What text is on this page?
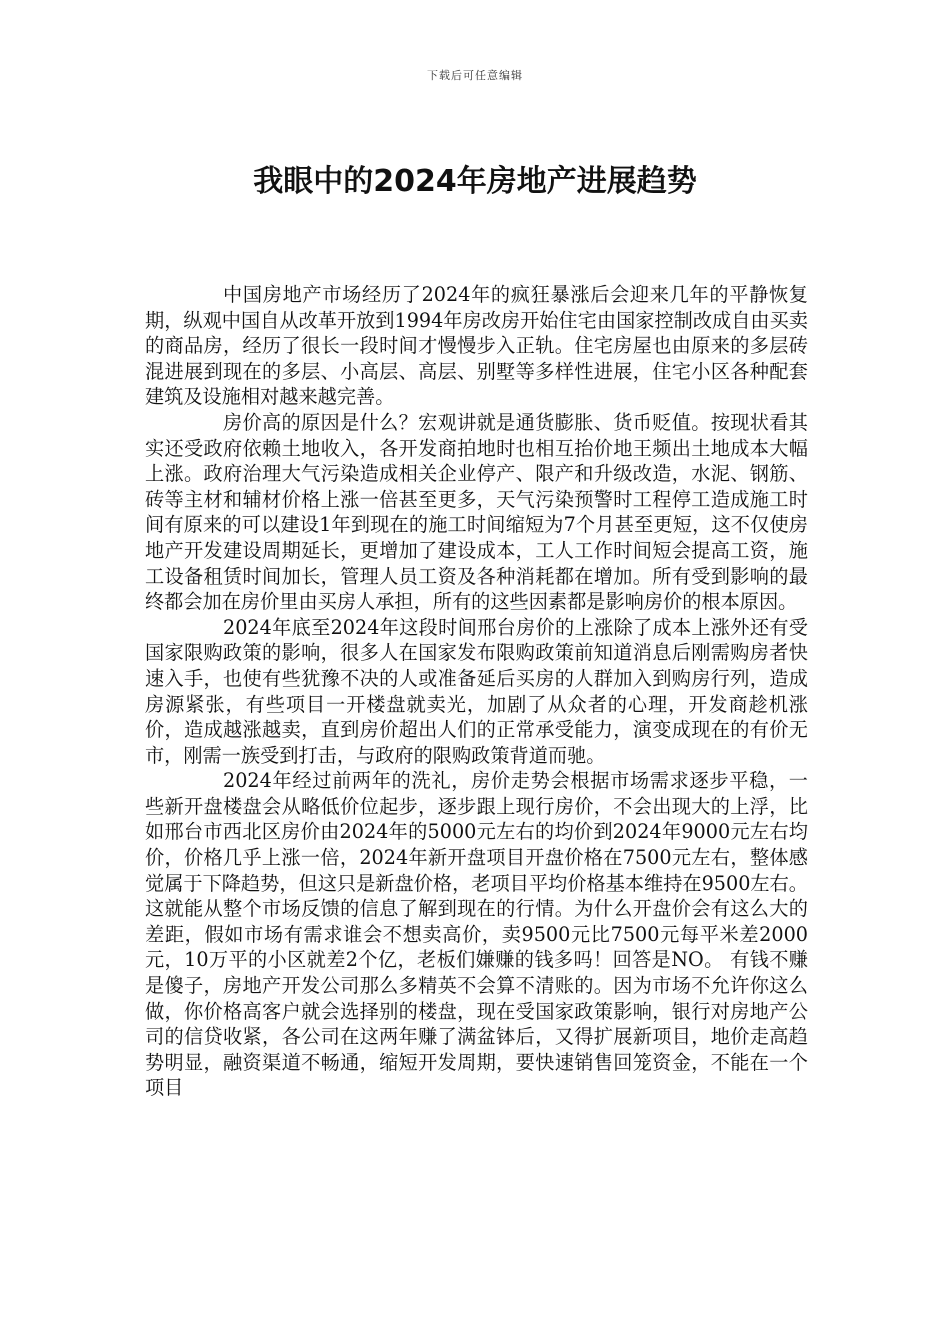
下载后可任意编辑
我眼中的2024年房地产进展趋势

中国房地产市场经历了2024年的疯狂暴涨后会迎来几年的平静恢复期，纵观中国自从改革开放到1994年房改房开始住宅由国家控制改成自由买卖的商品房，经历了很长一段时间才慢慢步入正轨。住宅房屋也由原来的多层砖混进展到现在的多层、小高层、高层、别墅等多样性进展，住宅小区各种配套建筑及设施相对越来越完善。

房价高的原因是什么？宏观讲就是通货膨胀、货币贬值。按现状看其实还受政府依赖土地收入，各开发商拍地时也相互抬价地王频出土地成本大幅上涨。政府治理大气污染造成相关企业停产、限产和升级改造，水泥、钢筋、砖等主材和辅材价格上涨一倍甚至更多，天气污染预警时工程停工造成施工时间有原来的可以建设1年到现在的施工时间缩短为7个月甚至更短，这不仅使房地产开发建设周期延长，更增加了建设成本，工人工作时间短会提高工资，施工设备租赁时间加长，管理人员工资及各种消耗都在增加。所有受到影响的最终都会加在房价里由买房人承担，所有的这些因素都是影响房价的根本原因。

2024年底至2024年这段时间邢台房价的上涨除了成本上涨外还有受国家限购政策的影响，很多人在国家发布限购政策前知道消息后刚需购房者快速入手，也使有些犹豫不决的人或准备延后买房的人群加入到购房行列，造成房源紧张，有些项目一开楼盘就卖光，加剧了从众者的心理，开发商趁机涨价，造成越涨越卖，直到房价超出人们的正常承受能力，演变成现在的有价无市，刚需一族受到打击，与政府的限购政策背道而驰。

2024年经过前两年的洗礼，房价走势会根据市场需求逐步平稳，一些新开盘楼盘会从略低价位起步，逐步跟上现行房价，不会出现大的上浮，比如邢台市西北区房价由2024年的5000元左右的均价到2024年9000元左右均价，价格几乎上涨一倍，2024年新开盘项目开盘价格在7500元左右，整体感觉属于下降趋势，但这只是新盘价格，老项目平均价格基本维持在9500左右。这就能从整个市场反馈的信息了解到现在的行情。为什么开盘价会有这么大的差距，假如市场有需求谁会不想卖高价，卖9500元比7500元每平米差2000元，10万平的小区就差2个亿，老板们嫌赚的钱多吗！回答是NO。 有钱不赚是傻子，房地产开发公司那么多精英不会算不清账的。因为市场不允许你这么做，你价格高客户就会选择别的楼盘，现在受国家政策影响，银行对房地产公司的信贷收紧，各公司在这两年赚了满盆钵后，又得扩展新项目，地价走高趋势明显，融资渠道不畅通，缩短开发周期，要快速销售回笼资金，不能在一个项目
